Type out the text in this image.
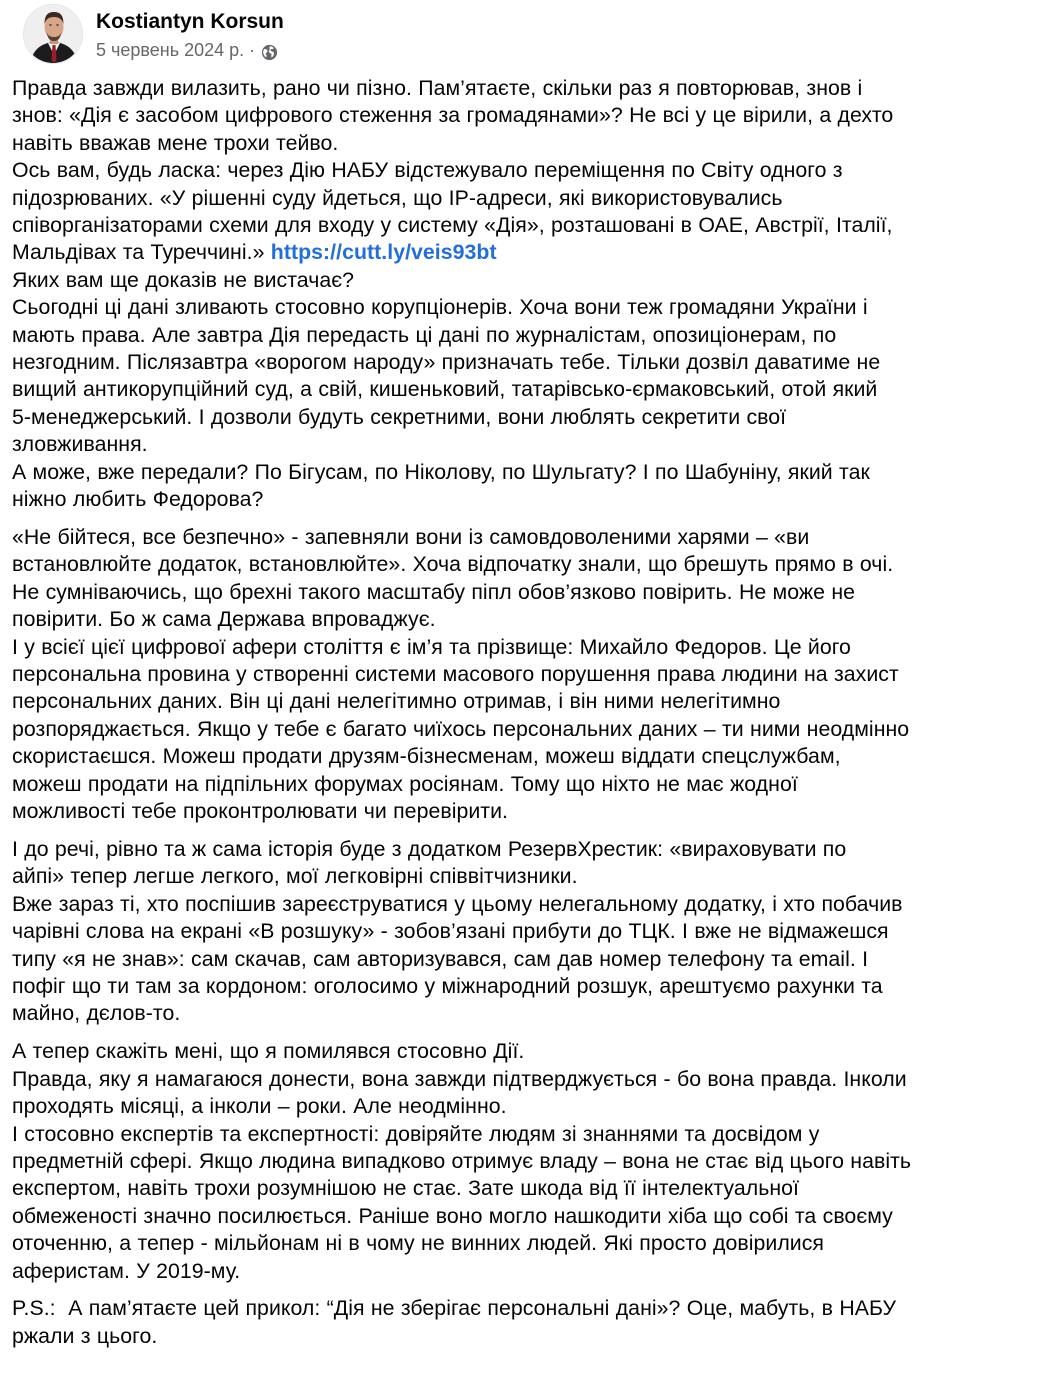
Kostiantyn Korsun
5 червень 2024 р. ·
Правда завжди вилазить, рано чи пізно. Пам’ятаєте, скільки раз я повторював, знов і
знов: «Дія є засобом цифрового стеження за громадянами»? Не всі у це вірили, а дехто
навіть вважав мене трохи тейво.
Ось вам, будь ласка: через Дію НАБУ відстежувало переміщення по Світу одного з
підозрюваних. «У рішенні суду йдеться, що IP-адреси, які використовувались
співорганізаторами схеми для входу у систему «Дія», розташовані в ОАЕ, Австрії, Італії,
Мальдівах та Туреччині.» https://cutt.ly/veis93bt
Яких вам ще доказів не вистачає?
Сьогодні ці дані зливають стосовно корупціонерів. Хоча вони теж громадяни України і
мають права. Але завтра Дія передасть ці дані по журналістам, опозиціонерам, по
незгодним. Післязавтра «ворогом народу» призначать тебе. Тільки дозвіл даватиме не
вищий антикорупційний суд, а свій, кишеньковий, татарівсько-єрмаковський, отой який
5-менеджерський. І дозволи будуть секретними, вони люблять секретити свої
зловживання.
А може, вже передали? По Бігусам, по Ніколову, по Шульгату? І по Шабуніну, який так
ніжно любить Федорова?
«Не бійтеся, все безпечно» - запевняли вони із самовдоволеними харями – «ви
встановлюйте додаток, встановлюйте». Хоча відпочатку знали, що брешуть прямо в очі.
Не сумніваючись, що брехні такого масштабу піпл обов’язково повірить. Не може не
повірити. Бо ж сама Держава впроваджує.
І у всієї цієї цифрової афери століття є ім’я та прізвище: Михайло Федоров. Це його
персональна провина у створенні системи масового порушення права людини на захист
персональних даних. Він ці дані нелегітимно отримав, і він ними нелегітимно
розпоряджається. Якщо у тебе є багато чиїхось персональних даних – ти ними неодмінно
скористаєшся. Можеш продати друзям-бізнесменам, можеш віддати спецслужбам,
можеш продати на підпільних форумах росіянам. Тому що ніхто не має жодної
можливості тебе проконтролювати чи перевірити.
І до речі, рівно та ж сама історія буде з додатком РезервХрестик: «вираховувати по
айпі» тепер легше легкого, мої легковірні співвітчизники.
Вже зараз ті, хто поспішив зареєструватися у цьому нелегальному додатку, і хто побачив
чарівні слова на екрані «В розшуку» - зобов’язані прибути до ТЦК. І вже не відмажешся
типу «я не знав»: сам скачав, сам авторизувався, сам дав номер телефону та email. І
пофіг що ти там за кордоном: оголосимо у міжнародний розшук, арештуємо рахунки та
майно, дєлов-то.
А тепер скажіть мені, що я помилявся стосовно Дії.
Правда, яку я намагаюся донести, вона завжди підтверджується - бо вона правда. Інколи
проходять місяці, а інколи – роки. Але неодмінно.
І стосовно експертів та експертності: довіряйте людям зі знаннями та досвідом у
предметній сфері. Якщо людина випадково отримує владу – вона не стає від цього навіть
експертом, навіть трохи розумнішою не стає. Зате шкода від її інтелектуальної
обмеженості значно посилюється. Раніше воно могло нашкодити хіба що собі та своєму
оточенню, а тепер - мільйонам ні в чому не винних людей. Які просто довірилися
аферистам. У 2019-му.
P.S.:  А пам’ятаєте цей прикол: “Дія не зберігає персональні дані»? Оце, мабуть, в НАБУ
ржали з цього.
